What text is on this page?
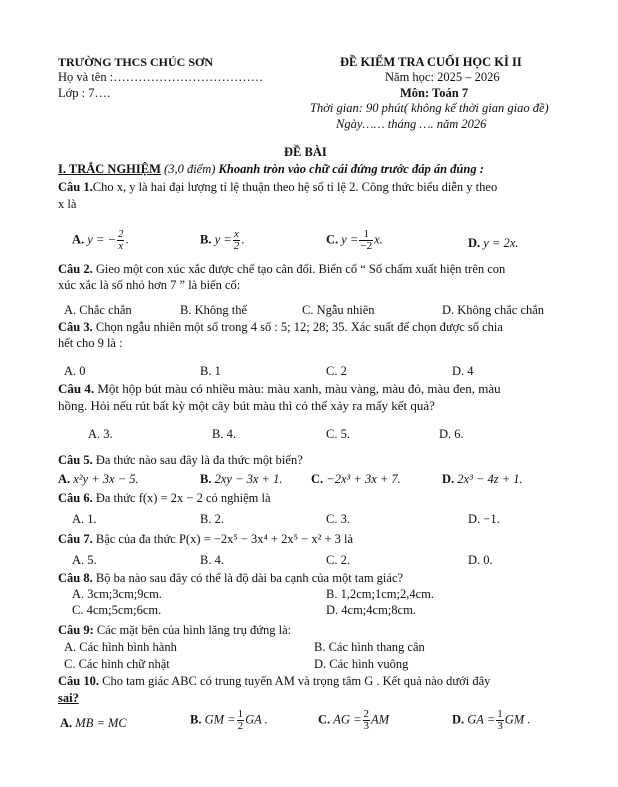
TRƯỜNG THCS CHÚC SƠN
Họ và tên :………………………………
Lớp : 7….
ĐỀ KIỂM TRA CUỐI HỌC KÌ II
Năm học: 2025 – 2026
Môn: Toán 7
Thời gian: 90 phút( không kể thời gian giao đề)
Ngày…… tháng …. năm 2026
ĐỀ BÀI
I. TRẮC NGHIỆM (3,0 điểm) Khoanh tròn vào chữ cái đứng trước đáp án đúng :
Câu 1.Cho x, y là hai đại lượng tỉ lệ thuận theo hệ số tỉ lệ 2. Công thức biểu diễn y theo
x là
A. y = − $\frac{2}{x}$ .	B. $y = \frac{x}{2}$ .	C. $y = \frac{1}{-2} x$.	D. y = 2x.
Câu 2. Gieo một con xúc xắc được chế tạo cân đối. Biến cố “ Số chấm xuất hiện trên con
xúc xắc là số nhỏ hơn 7 ” là biến cố:
A. Chắc chắn	B. Không thể	C. Ngẫu nhiên	D. Không chắc chắn
Câu 3. Chọn ngẫu nhiên một số trong 4 số : 5; 12; 28; 35. Xác suất để chọn được số chia
hết cho 9 là :
A. 0	B. 1	C. 2	D. 4
Câu 4. Một hộp bút màu có nhiều màu: màu xanh, màu vàng, màu đỏ, màu đen, màu
hồng. Hỏi nếu rút bất kỳ một cây bút màu thì có thể xảy ra mấy kết quả?
A. 3.	B. 4.	C. 5.	D. 6.
Câu 5. Đa thức nào sau đây là đa thức một biến?
A. x²y + 3x − 5.	B. 2xy − 3x + 1. C. −2x³ + 3x + 7.	D. 2x³ − 4z + 1.
Câu 6. Đa thức f(x) = 2x − 2 có nghiệm là
A. 1.	B. 2.	C. 3.	D. −1.
Câu 7. Bậc của đa thức P(x) = −2x⁵ − 3x⁴ + 2x⁵ − x² + 3 là
A. 5.	B. 4.	C. 2.	D. 0.
Câu 8. Bộ ba nào sau đây có thể là độ dài ba cạnh của một tam giác?
A. 3cm;3cm;9cm.	B. 1,2cm;1cm;2,4cm.
C. 4cm;5cm;6cm.	D. 4cm;4cm;8cm.
Câu 9: Các mặt bên của hình lăng trụ đứng là:
A. Các hình bình hành	B. Các hình thang cân
C. Các hình chữ nhật	D. Các hình vuông
Câu 10. Cho tam giác ABC có trung tuyến AM và trọng tâm G . Kết quả nào dưới đây
sai?
A. MB = MC	B. GM = $\frac{1}{2}$ GA .	C. AG = $\frac{2}{3}$ AM	D. GA = $\frac{1}{3}$ GM .
